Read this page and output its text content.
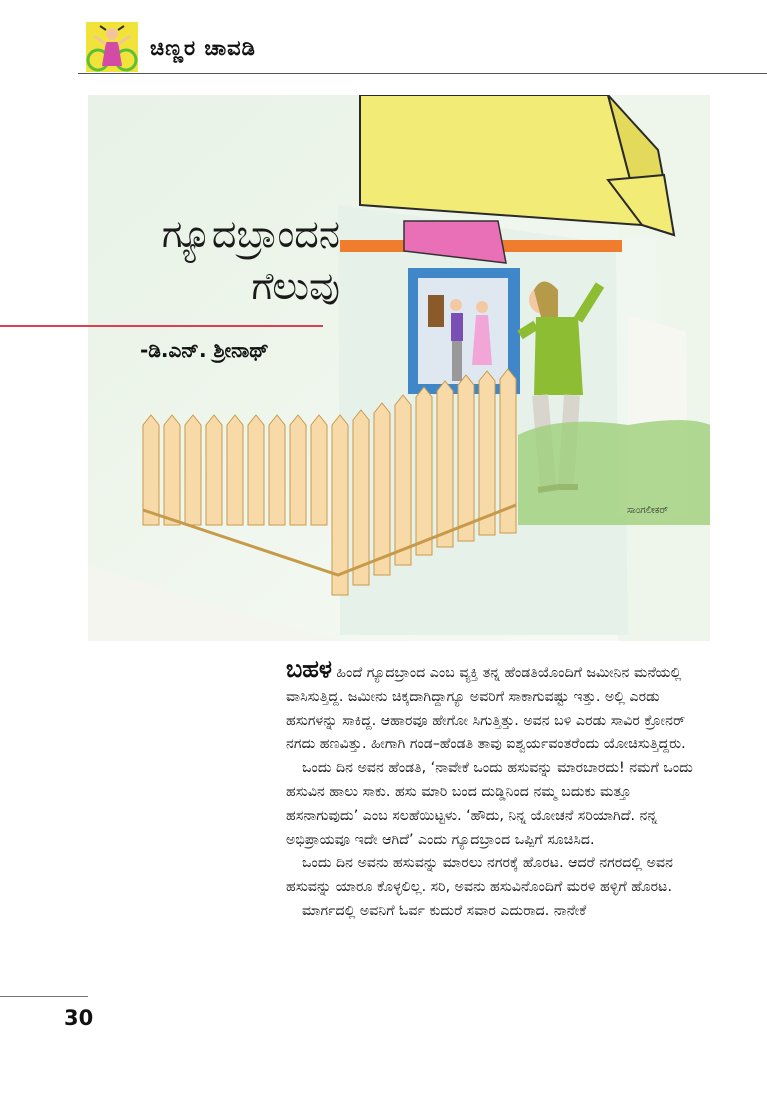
ಚಿಣ್ಣರ ಚಾವಡಿ
ಗ್ಯೂದಬ್ರಾಂದನ
ಗೆಲುವು
-ಡಿ.ಎನ್. ಶ್ರೀನಾಥ್
ಸಾಂಗಲೀಕರ್

ಬಹಳ ಹಿಂದೆ ಗ್ಯೂದಬ್ರಾಂದ ಎಂಬ ವ್ಯಕ್ತಿ ತನ್ನ ಹೆಂಡತಿಯೊಂದಿಗೆ ಜಮೀನಿನ ಮನೆಯಲ್ಲಿ ವಾಸಿಸುತ್ತಿದ್ದ. ಜಮೀನು ಚಿಕ್ಕದಾಗಿದ್ದಾಗ್ಯೂ ಅವರಿಗೆ ಸಾಕಾಗುವಷ್ಟು ಇತ್ತು. ಅಲ್ಲಿ ಎರಡು ಹಸುಗಳನ್ನು ಸಾಕಿದ್ದ. ಆಹಾರವೂ ಹೇಗೋ ಸಿಗುತ್ತಿತ್ತು. ಅವನ ಬಳಿ ಎರಡು ಸಾವಿರ ಕ್ರೋನರ್ ನಗದು ಹಣವಿತ್ತು. ಹೀಗಾಗಿ ಗಂಡ–ಹೆಂಡತಿ ತಾವು ಐಶ್ವರ್ಯವಂತರೆಂದು ಯೋಚಿಸುತ್ತಿದ್ದರು.

ಒಂದು ದಿನ ಅವನ ಹೆಂಡತಿ, ‘ನಾವೇಕೆ ಒಂದು ಹಸುವನ್ನು ಮಾರಬಾರದು! ನಮಗೆ ಒಂದು ಹಸುವಿನ ಹಾಲು ಸಾಕು. ಹಸು ಮಾರಿ ಬಂದ ದುಡ್ಡಿನಿಂದ ನಮ್ಮ ಬದುಕು ಮತ್ತೂ ಹಸನಾಗುವುದು’ ಎಂಬ ಸಲಹೆಯಿಟ್ಟಳು. ‘ಹೌದು, ನಿನ್ನ ಯೋಚನೆ ಸರಿಯಾಗಿದೆ. ನನ್ನ ಅಭಿಪ್ರಾಯವೂ ಇದೇ ಆಗಿದೆ’ ಎಂದು ಗ್ಯೂದಬ್ರಾಂದ ಒಪ್ಪಿಗೆ ಸೂಚಿಸಿದ.

ಒಂದು ದಿನ ಅವನು ಹಸುವನ್ನು ಮಾರಲು ನಗರಕ್ಕೆ ಹೊರಟ. ಆದರೆ ನಗರದಲ್ಲಿ ಅವನ ಹಸುವನ್ನು ಯಾರೂ ಕೊಳ್ಳಲಿಲ್ಲ. ಸರಿ, ಅವನು ಹಸುವಿನೊಂದಿಗೆ ಮರಳಿ ಹಳ್ಳಿಗೆ ಹೊರಟ.

ಮಾರ್ಗದಲ್ಲಿ ಅವನಿಗೆ ಓರ್ವ ಕುದುರೆ ಸವಾರ ಎದುರಾದ. ನಾನೇಕೆ

30
